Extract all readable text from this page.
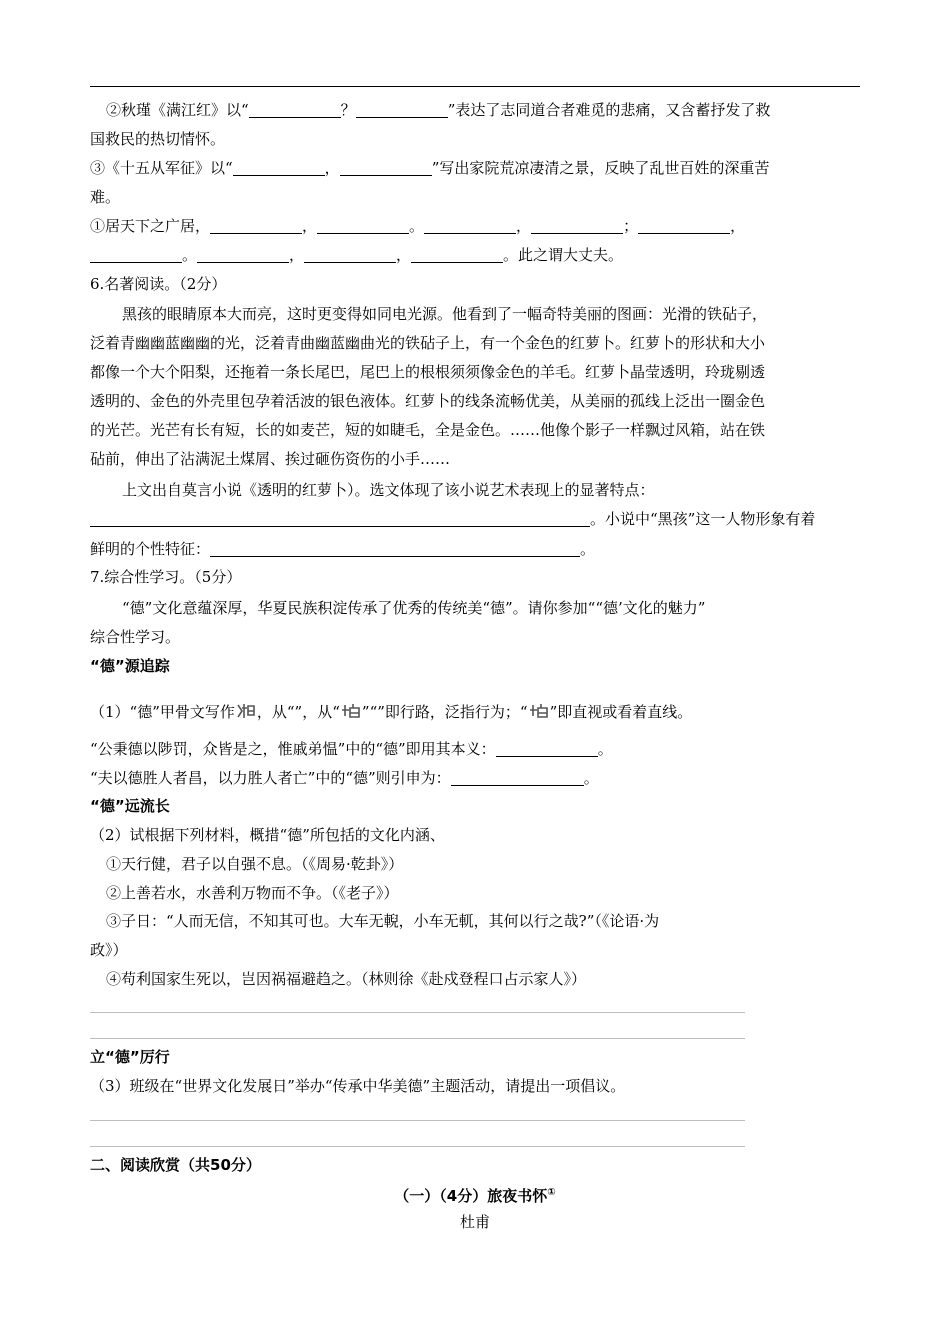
②秋瑾《满江红》以“	？	”表达了志同道合者难觅的悲痛，又含蓄抒发了救
国救民的热切情怀。
③《十五从军征》以“	，	”写出家院荒凉凄清之景，反映了乱世百姓的深重苦
难。
①居天下之广居，	，	。	，	；	，
。	，	，	。此之谓大丈夫。
6.名著阅读。（2分）
黑孩的眼睛原本大而亮，这时更变得如同电光源。他看到了一幅奇特美丽的图画：光滑的铁砧子，
泛着青幽幽蓝幽幽的光，泛着青曲幽蓝幽曲光的铁砧子上，有一个金色的红萝卜。红萝卜的形状和大小
都像一个大个阳梨，还拖着一条长尾巴，尾巴上的根根须须像金色的羊毛。红萝卜晶莹透明，玲珑剔透
透明的、金色的外壳里包孕着活波的银色液体。红萝卜的线条流畅优美，从美丽的孤线上泛出一圈金色
的光芒。光芒有长有短，长的如麦芒，短的如睫毛，全是金色。……他像个影子一样飘过风箱，站在铁
砧前，伸出了沾满泥土煤屑、挨过砸伤资伤的小手……
上文出自莫言小说《透明的红萝卜）。选文体现了该小说艺术表现上的显著特点：
。小说中“黑孩”这一人物形象有着
鲜明的个性特征：	。
7.综合性学习。（5分）
“德”文化意蕴深厚，华夏民族积淀传承了优秀的传统美“德”。请你参加““德’文化的魅力”
综合性学习。
“德”源追踪
（1）“德”甲骨文写作 ，从“”，从“ ”“”即行路，泛指行为；“ ”即直视或看着直线。
“公秉德以陟罚，众皆是之，惟戚弟愠”中的“德”即用其本义：	。
“夫以德胜人者昌，以力胜人者亡”中的“德”则引申为：	。
“德”远流长
（2）试根据下列材料，概措“德”所包括的文化内涵、
①天行健，君子以自强不息。（《周易·乾卦》）
②上善若水，水善利万物而不争。（《老子》）
③子日：“人而无信，不知其可也。大车无輗，小车无軏，其何以行之哉?”（《论语·为
政》）
④苟利国家生死以，岂因祸福避趋之。（林则徐《赴戍登程口占示家人》）
立“德”厉行
（3）班级在“世界文化发展日”举办“传承中华美德”主题活动，请提出一项倡议。
二、阅读欣赏（共50分）
（一）（4分）旅夜书怀①
杜甫
